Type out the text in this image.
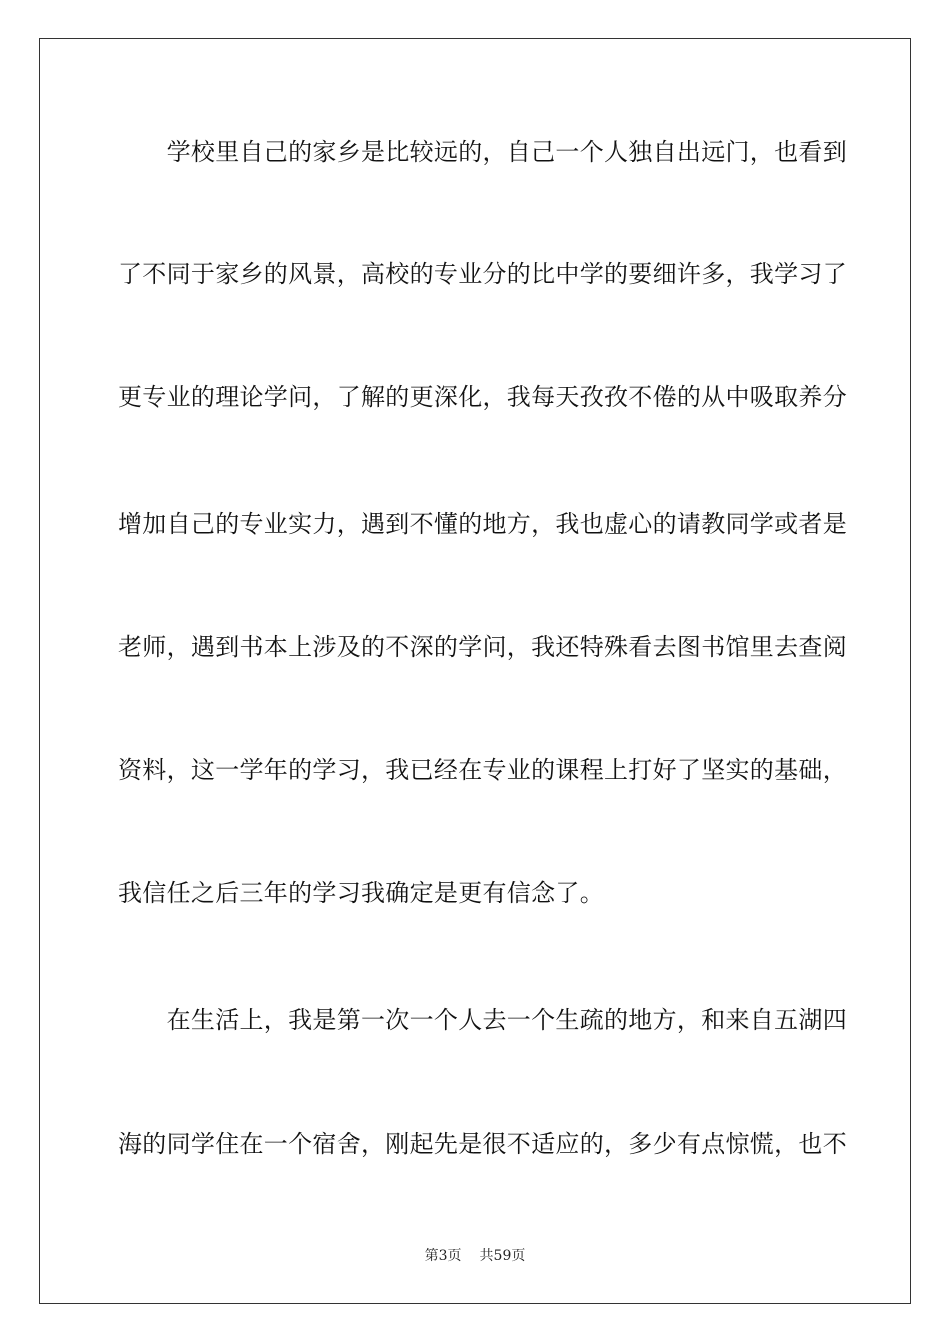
　　学校里自己的家乡是比较远的，自己一个人独自出远门，也看到
了不同于家乡的风景，高校的专业分的比中学的要细许多，我学习了
更专业的理论学问，了解的更深化，我每天孜孜不倦的从中吸取养分
增加自己的专业实力，遇到不懂的地方，我也虚心的请教同学或者是
老师，遇到书本上涉及的不深的学问，我还特殊看去图书馆里去查阅
资料，这一学年的学习，我已经在专业的课程上打好了坚实的基础，
我信任之后三年的学习我确定是更有信念了。
　　在生活上，我是第一次一个人去一个生疏的地方，和来自五湖四
海的同学住在一个宿舍，刚起先是很不适应的，多少有点惊慌，也不
第3页 共59页
